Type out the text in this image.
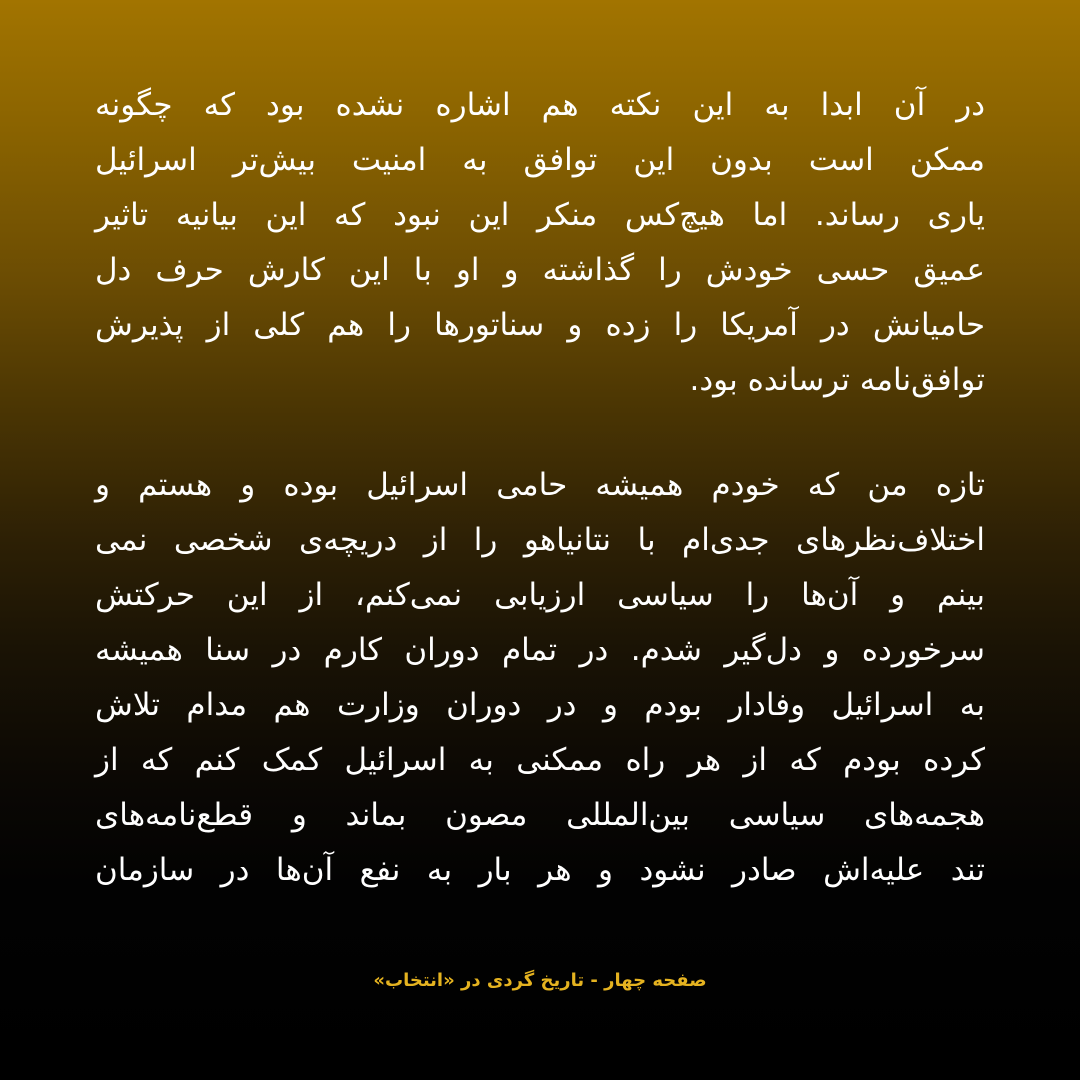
در آن ابدا به این نکته هم اشاره نشده بود که چگونه
ممکن است بدون این توافق به امنیت بیش‌تر اسرائیل
یاری رساند. اما هیچ‌کس منکر این نبود که این بیانیه تاثیر
عمیق حسی خودش را گذاشته و او با این کارش حرف دل
حامیانش در آمریکا را زده و سناتورها را هم کلی از پذیرش
توافق‌نامه ترسانده بود.
تازه من که خودم همیشه حامی اسرائیل بوده و هستم و
اختلاف‌نظرهای جدی‌ام با نتانیاهو را از دریچه‌ی شخصی نمی
بینم و آن‌ها را سیاسی ارزیابی نمی‌کنم، از این حرکتش
سرخورده و دل‌گیر شدم. در تمام دوران کارم در سنا همیشه
به اسرائیل وفادار بودم و در دوران وزارت هم مدام تلاش
کرده بودم که از هر راه ممکنی به اسرائیل کمک کنم که از
هجمه‌های سیاسی بین‌المللی مصون بماند و قطع‌نامه‌های
تند علیه‌اش صادر نشود و هر بار به نفع آن‌ها در سازمان
صفحه چهار - تاریخ گردی در «انتخاب»
